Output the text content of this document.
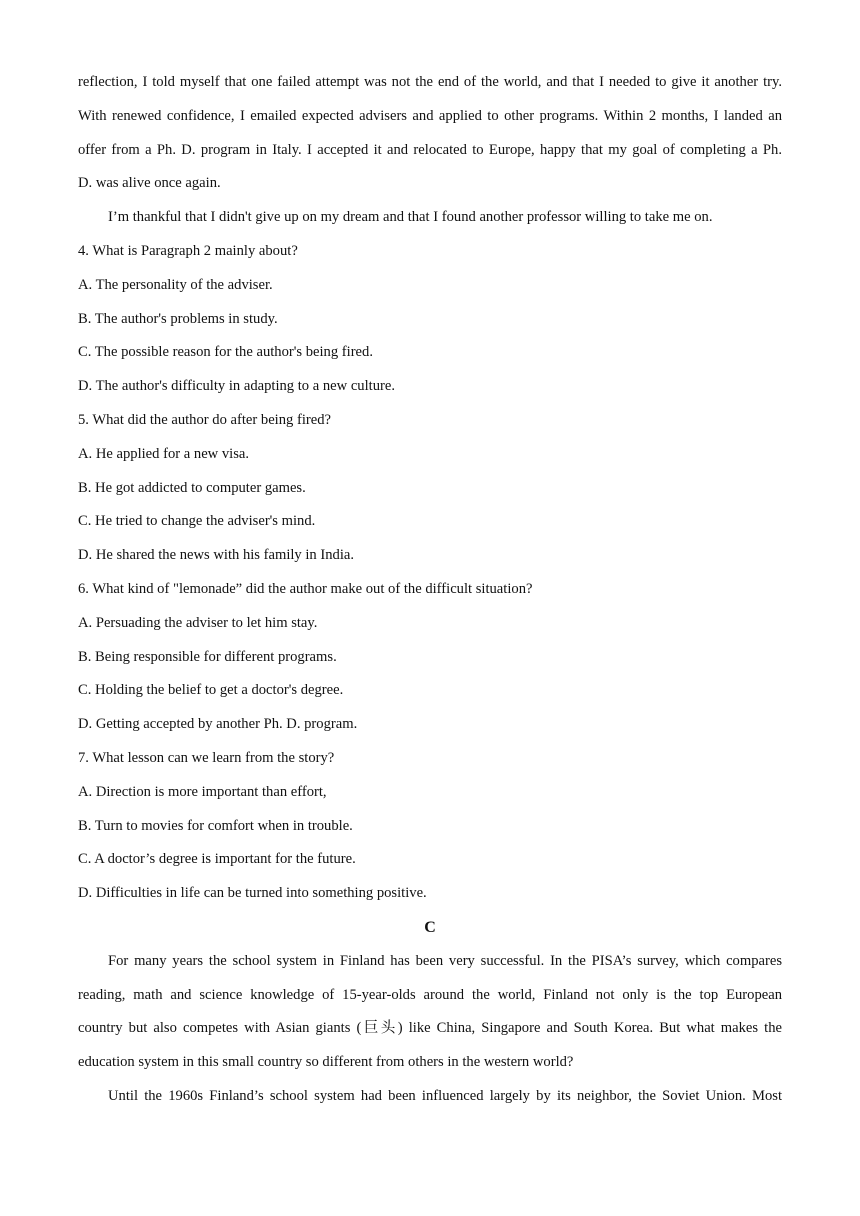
reflection, I told myself that one failed attempt was not the end of the world, and that I needed to give it another try.
With renewed confidence, I emailed expected advisers and applied to other programs. Within 2 months, I landed an
offer from a Ph. D. program in Italy. I accepted it and relocated to Europe, happy that my goal of completing a Ph.
D. was alive once again.
I’m thankful that I didn't give up on my dream and that I found another professor willing to take me on.
4. What is Paragraph 2 mainly about?
A. The personality of the adviser.
B. The author's problems in study.
C. The possible reason for the author's being fired.
D. The author's difficulty in adapting to a new culture.
5. What did the author do after being fired?
A. He applied for a new visa.
B. He got addicted to computer games.
C. He tried to change the adviser's mind.
D. He shared the news with his family in India.
6. What kind of "lemonade” did the author make out of the difficult situation?
A. Persuading the adviser to let him stay.
B. Being responsible for different programs.
C. Holding the belief to get a doctor's degree.
D. Getting accepted by another Ph. D. program.
7. What lesson can we learn from the story?
A. Direction is more important than effort,
B. Turn to movies for comfort when in trouble.
C. A doctor’s degree is important for the future.
D. Difficulties in life can be turned into something positive.
C
For many years the school system in Finland has been very successful. In the PISA’s survey, which compares
reading, math and science knowledge of 15-year-olds around the world, Finland not only is the top European
country but also competes with Asian giants (巨头) like China, Singapore and South Korea. But what makes the
education system in this small country so different from others in the western world?
Until the 1960s Finland’s school system had been influenced largely by its neighbor, the Soviet Union. Most
